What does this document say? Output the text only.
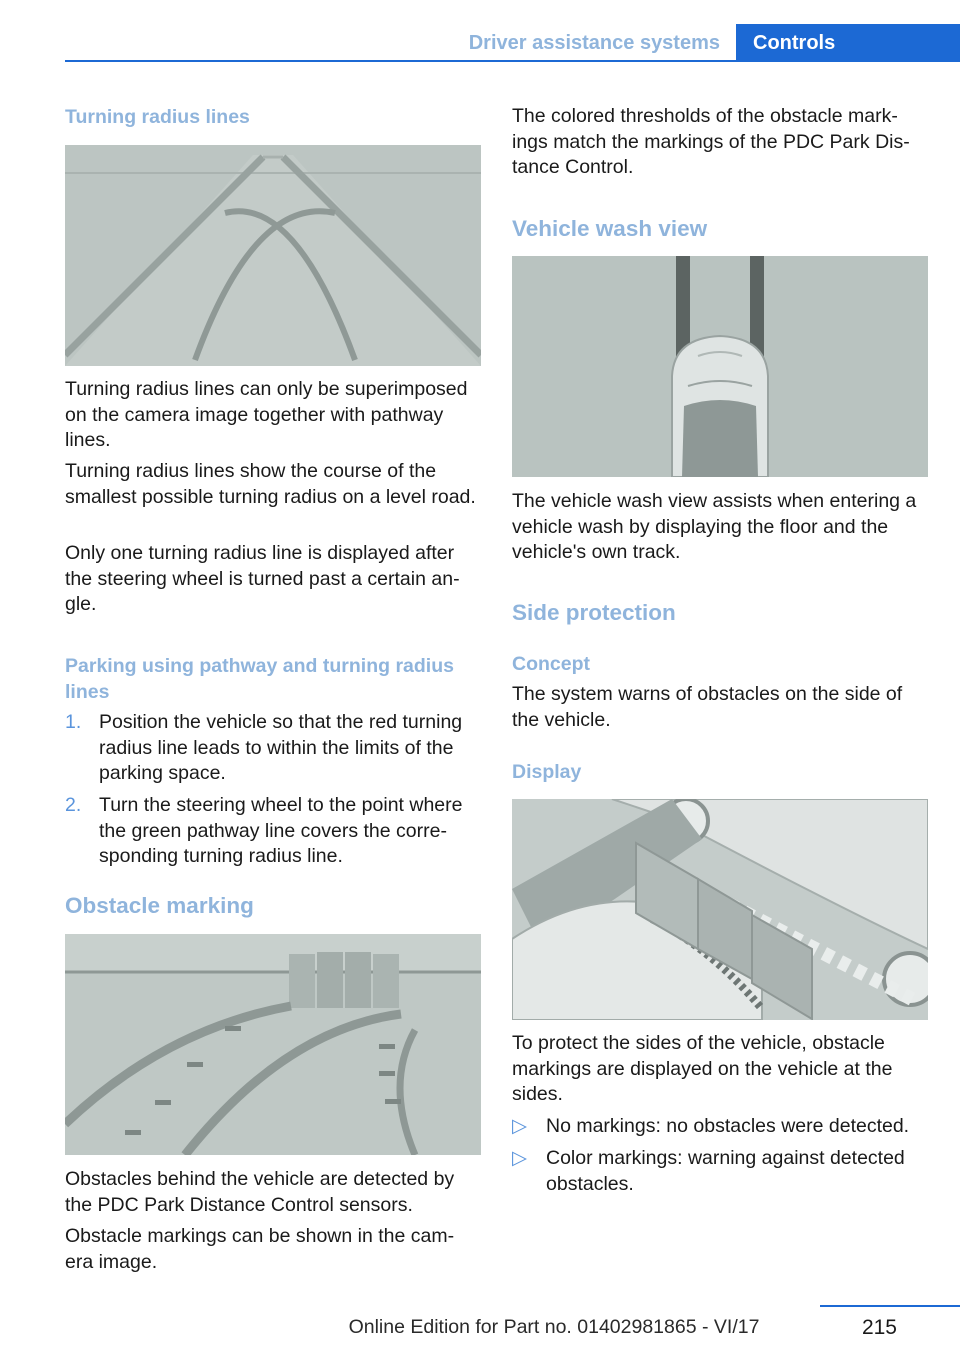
Driver assistance systems	Controls
Turning radius lines
Turning radius lines can only be superimposed on the camera image together with pathway lines.
Turning radius lines show the course of the smallest possible turning radius on a level road.
Only one turning radius line is displayed after the steering wheel is turned past a certain an- gle.
Parking using pathway and turning radius lines
1. Position the vehicle so that the red turning radius line leads to within the limits of the parking space.
2. Turn the steering wheel to the point where the green pathway line covers the corre- sponding turning radius line.
Obstacle marking
Obstacles behind the vehicle are detected by the PDC Park Distance Control sensors.
Obstacle markings can be shown in the cam- era image.
The colored thresholds of the obstacle mark- ings match the markings of the PDC Park Dis- tance Control.
Vehicle wash view
The vehicle wash view assists when entering a vehicle wash by displaying the floor and the vehicle's own track.
Side protection
Concept
The system warns of obstacles on the side of the vehicle.
Display
To protect the sides of the vehicle, obstacle markings are displayed on the vehicle at the sides.
▷ No markings: no obstacles were detected.
▷ Color markings: warning against detected obstacles.
Online Edition for Part no. 01402981865 - VI/17	215
